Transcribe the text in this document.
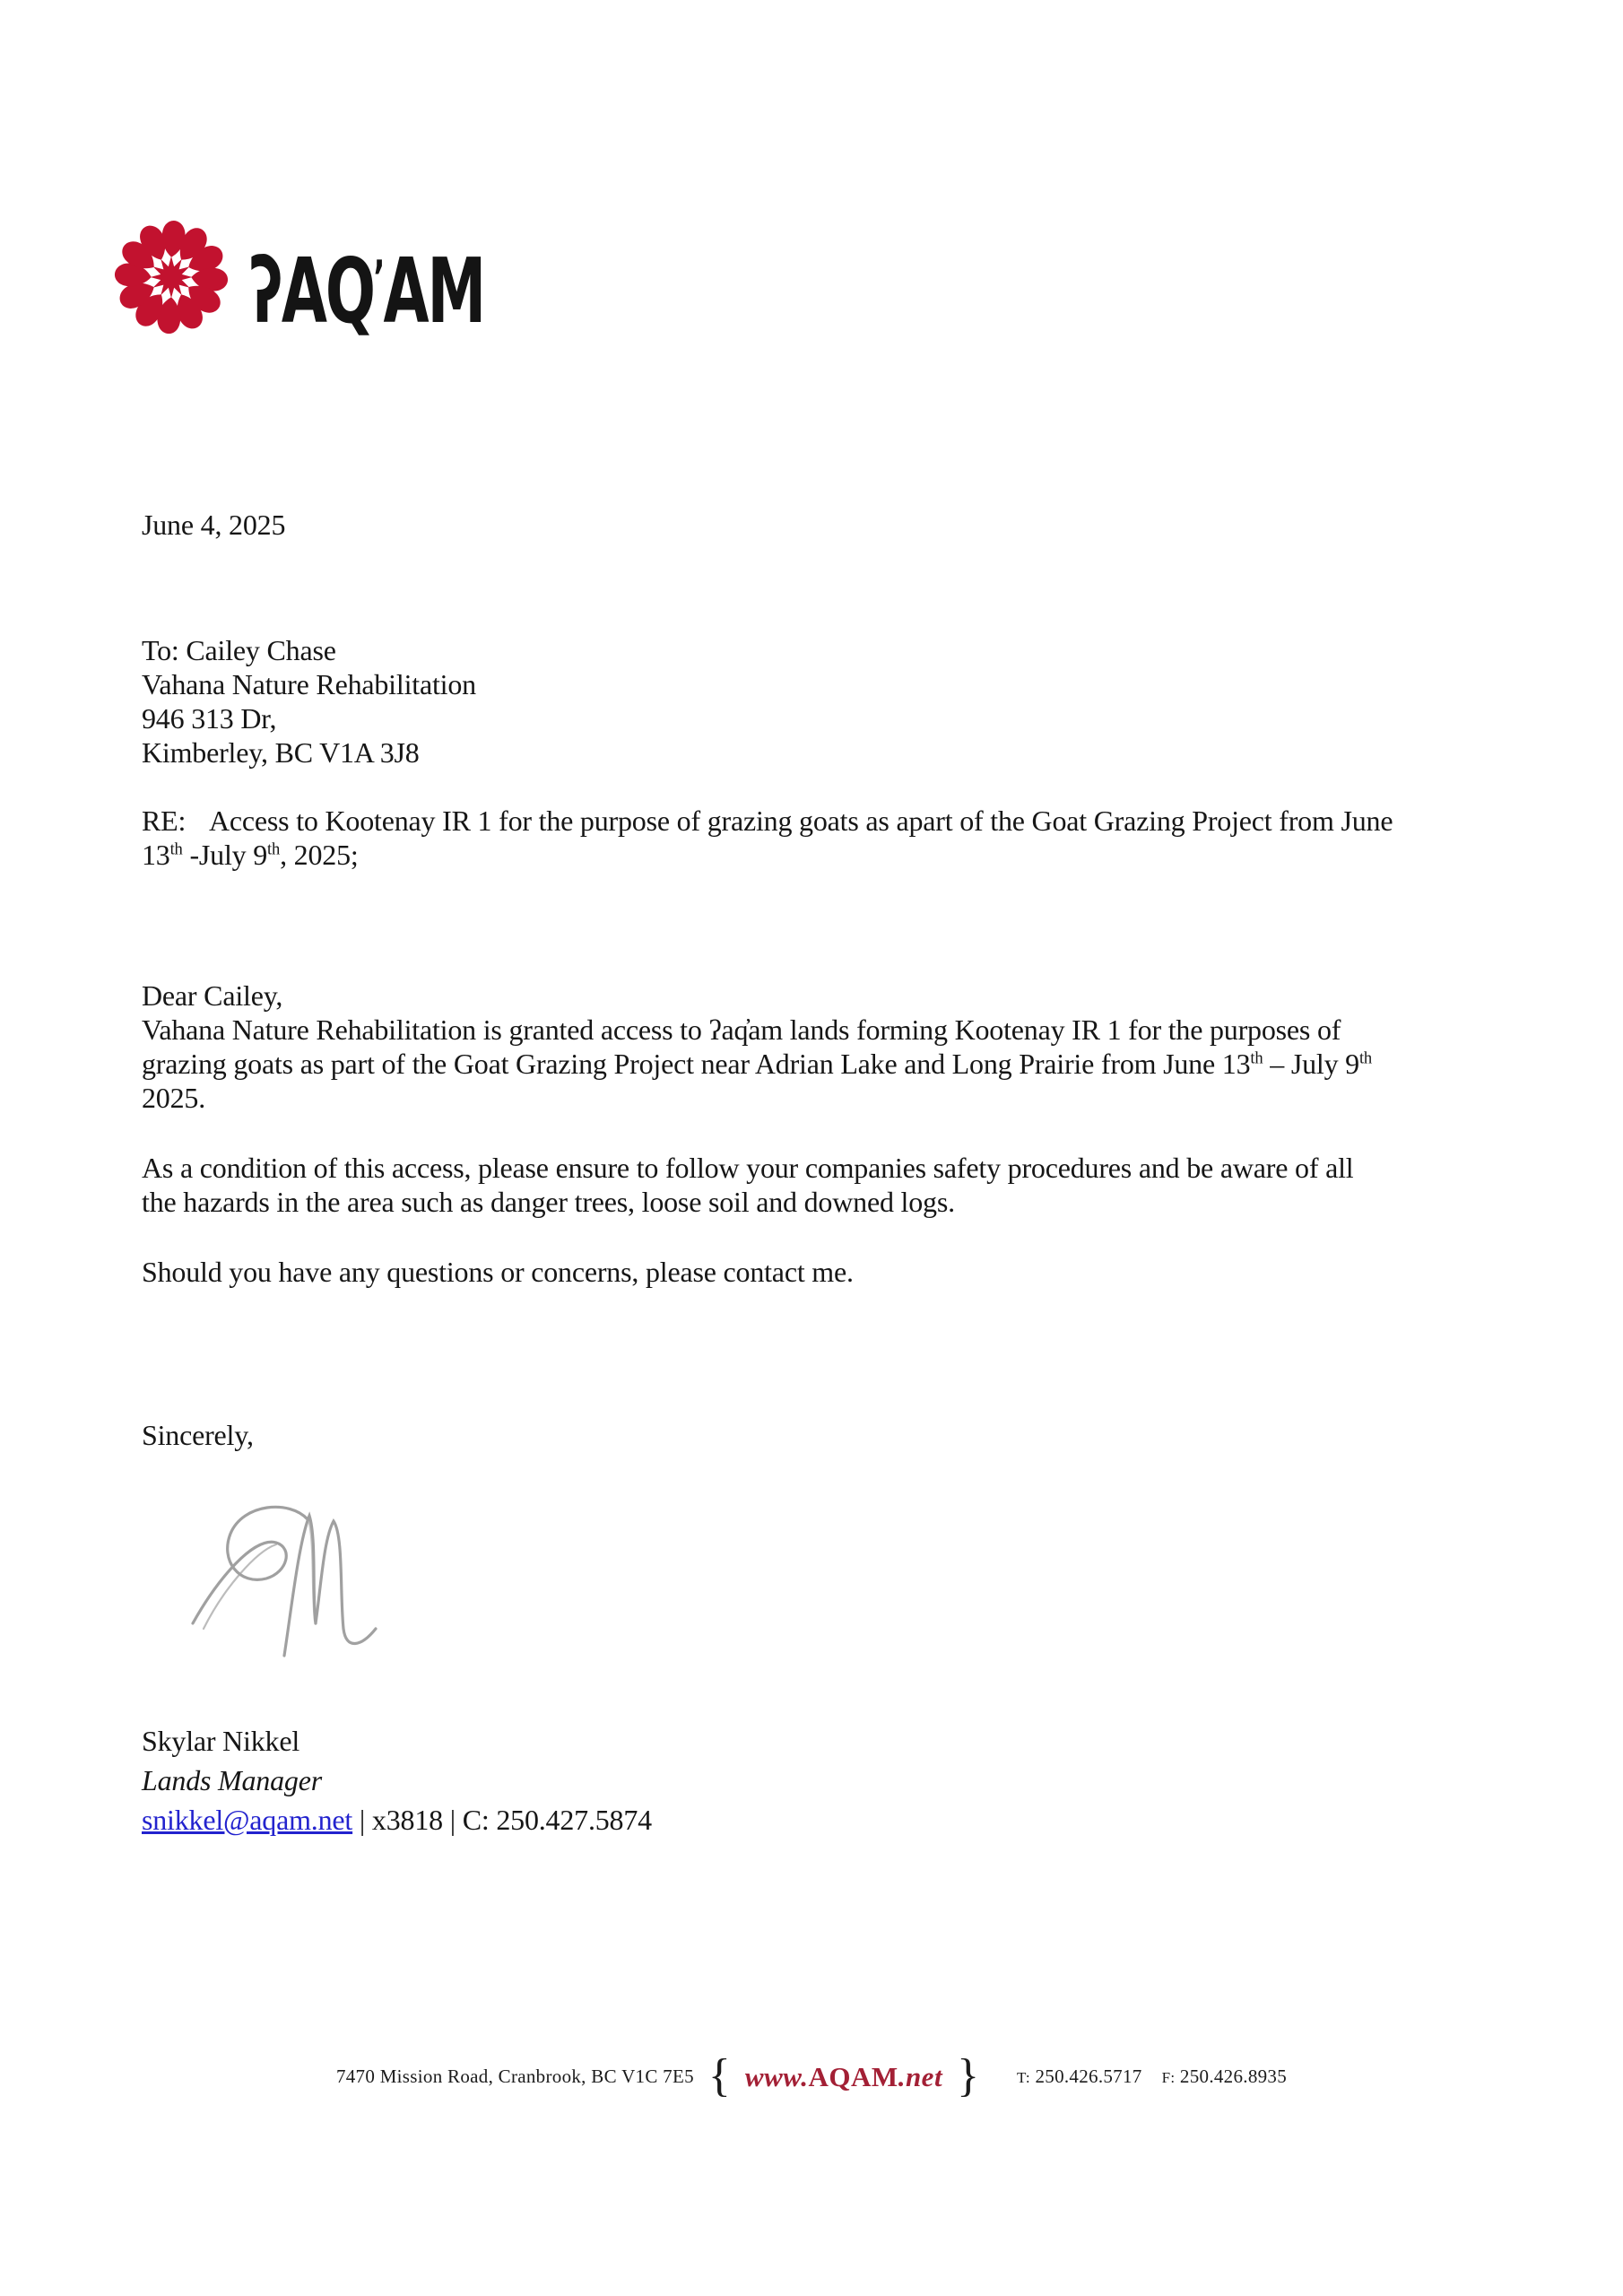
ʔAQ’AM
June 4, 2025
To: Cailey Chase
Vahana Nature Rehabilitation
946 313 Dr,
Kimberley, BC V1A 3J8
RE: Access to Kootenay IR 1 for the purpose of grazing goats as apart of the Goat Grazing Project from June
13th -July 9th, 2025;
Dear Cailey,
Vahana Nature Rehabilitation is granted access to ʔaq̓am lands forming Kootenay IR 1 for the purposes of
grazing goats as part of the Goat Grazing Project near Adrian Lake and Long Prairie from June 13th – July 9th
2025.
As a condition of this access, please ensure to follow your companies safety procedures and be aware of all
the hazards in the area such as danger trees, loose soil and downed logs.
Should you have any questions or concerns, please contact me.
Sincerely,
Skylar Nikkel
Lands Manager
snikkel@aqam.net | x3818 | C: 250.427.5874
7470 Mission Road, Cranbrook, BC V1C 7E5 { www.AQAM.net }	T: 250.426.5717 F: 250.426.8935
